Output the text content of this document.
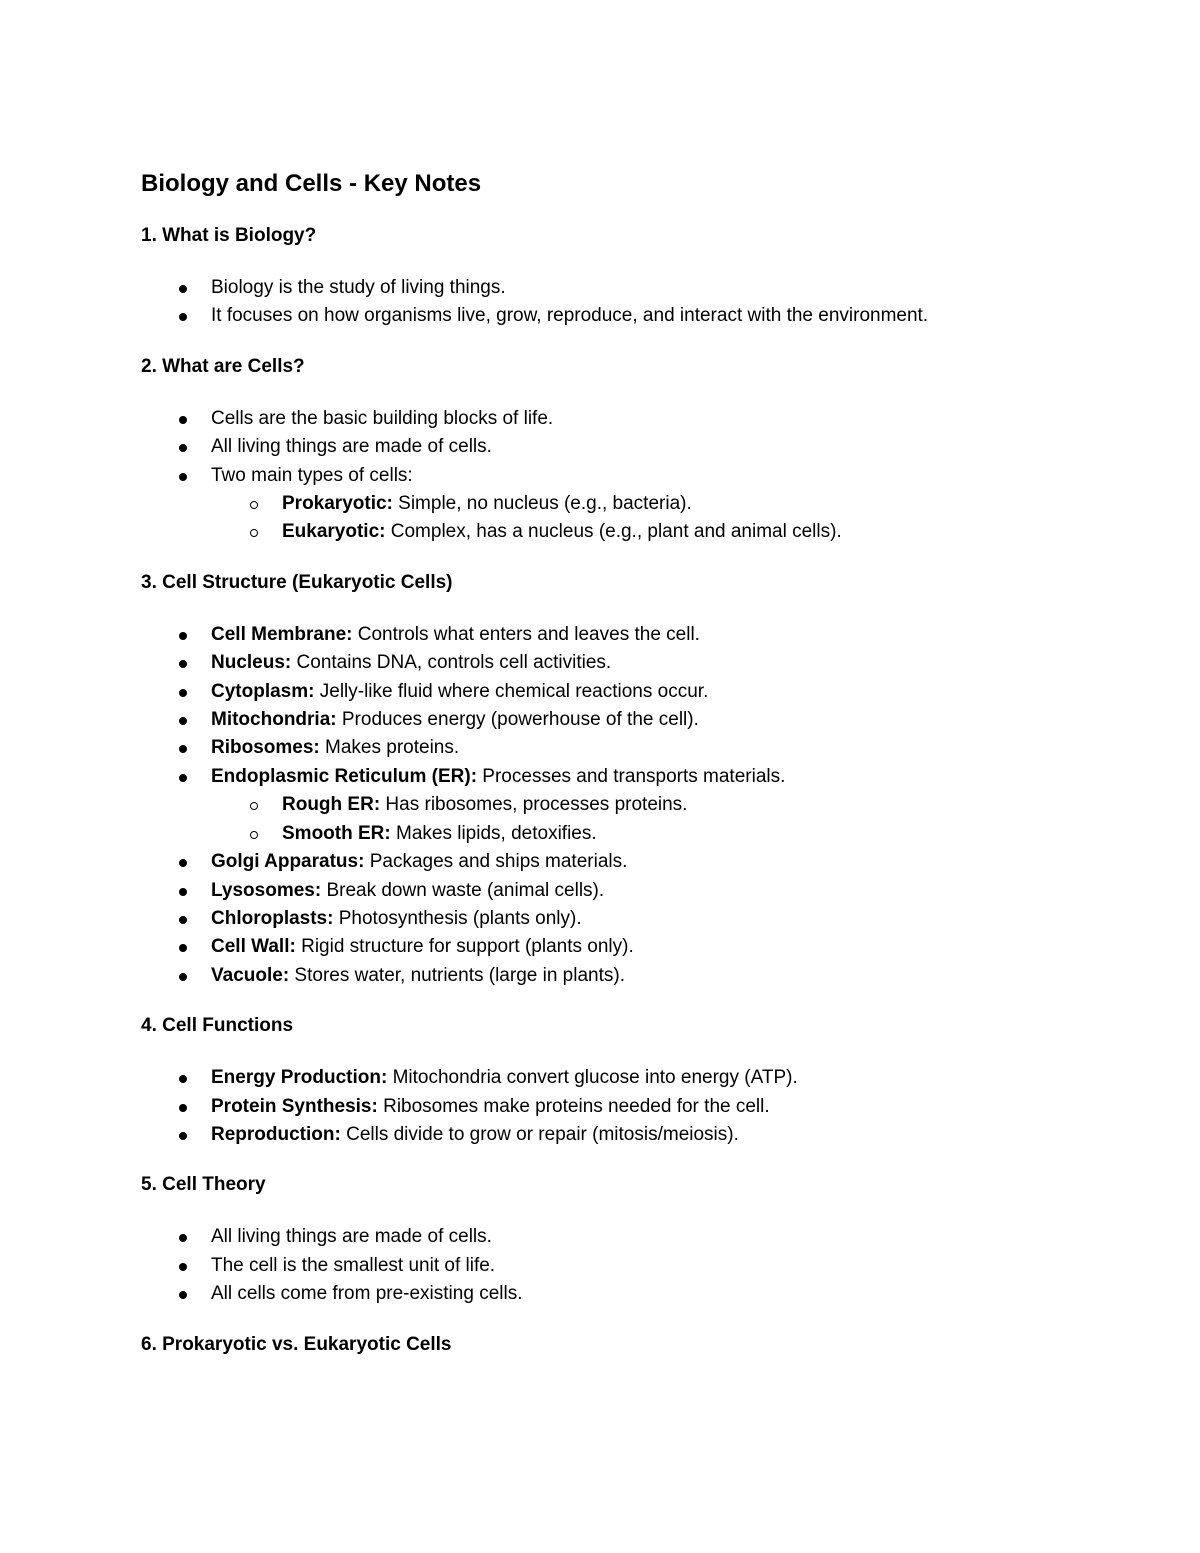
Biology and Cells - Key Notes
1. What is Biology?
Biology is the study of living things.
It focuses on how organisms live, grow, reproduce, and interact with the environment.
2. What are Cells?
Cells are the basic building blocks of life.
All living things are made of cells.
Two main types of cells:
Prokaryotic: Simple, no nucleus (e.g., bacteria).
Eukaryotic: Complex, has a nucleus (e.g., plant and animal cells).
3. Cell Structure (Eukaryotic Cells)
Cell Membrane: Controls what enters and leaves the cell.
Nucleus: Contains DNA, controls cell activities.
Cytoplasm: Jelly-like fluid where chemical reactions occur.
Mitochondria: Produces energy (powerhouse of the cell).
Ribosomes: Makes proteins.
Endoplasmic Reticulum (ER): Processes and transports materials.
Rough ER: Has ribosomes, processes proteins.
Smooth ER: Makes lipids, detoxifies.
Golgi Apparatus: Packages and ships materials.
Lysosomes: Break down waste (animal cells).
Chloroplasts: Photosynthesis (plants only).
Cell Wall: Rigid structure for support (plants only).
Vacuole: Stores water, nutrients (large in plants).
4. Cell Functions
Energy Production: Mitochondria convert glucose into energy (ATP).
Protein Synthesis: Ribosomes make proteins needed for the cell.
Reproduction: Cells divide to grow or repair (mitosis/meiosis).
5. Cell Theory
All living things are made of cells.
The cell is the smallest unit of life.
All cells come from pre-existing cells.
6. Prokaryotic vs. Eukaryotic Cells
